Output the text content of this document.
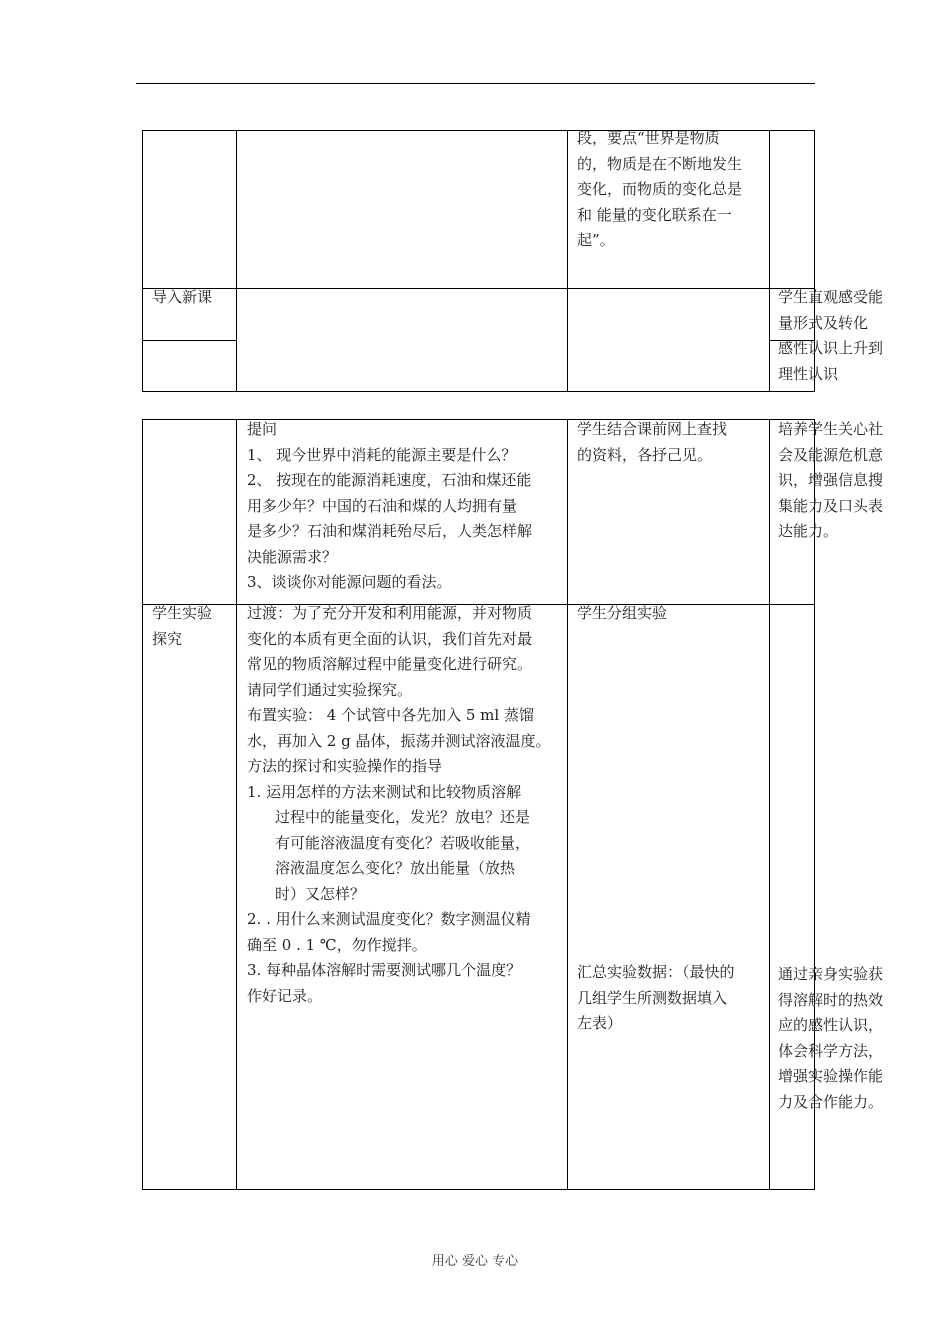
段，要点“世界是物质
的，物质是在不断地发生
变化，而物质的变化总是
和 能量的变化联系在一
起”。
导入新课	学生直观感受能
量形式及转化
感性认识上升到
理性认识
提问
1、 现今世界中消耗的能源主要是什么？
2、 按现在的能源消耗速度，石油和煤还能
用多少年？中国的石油和煤的人均拥有量
是多少？石油和煤消耗殆尽后，人类怎样解
决能源需求？
3、谈谈你对能源问题的看法。
学生结合课前网上查找
的资料，各抒己见。
培养学生关心社
会及能源危机意
识，增强信息搜
集能力及口头表
达能力。
学生实验
探究
过渡：为了充分开发和利用能源，并对物质
变化的本质有更全面的认识，我们首先对最
常见的物质溶解过程中能量变化进行研究。
请同学们通过实验探究。
布置实验： 4 个试管中各先加入 5 ml 蒸馏
水，再加入 2 g 晶体，振荡并测试溶液温度。
方法的探讨和实验操作的指导
1. 运用怎样的方法来测试和比较物质溶解
过程中的能量变化，发光？放电？还是
有可能溶液温度有变化？若吸收能量，
溶液温度怎么变化？放出能量（放热
时）又怎样？
2. . 用什么来测试温度变化？数字测温仪精
确至 0 . 1 ℃，勿作搅拌。
3. 每种晶体溶解时需要测试哪几个温度？
作好记录。
学生分组实验
汇总实验数据：（最快的
几组学生所测数据填入
左表）
通过亲身实验获
得溶解时的热效
应的感性认识，
体会科学方法，
增强实验操作能
力及合作能力。
用心 爱心 专心
